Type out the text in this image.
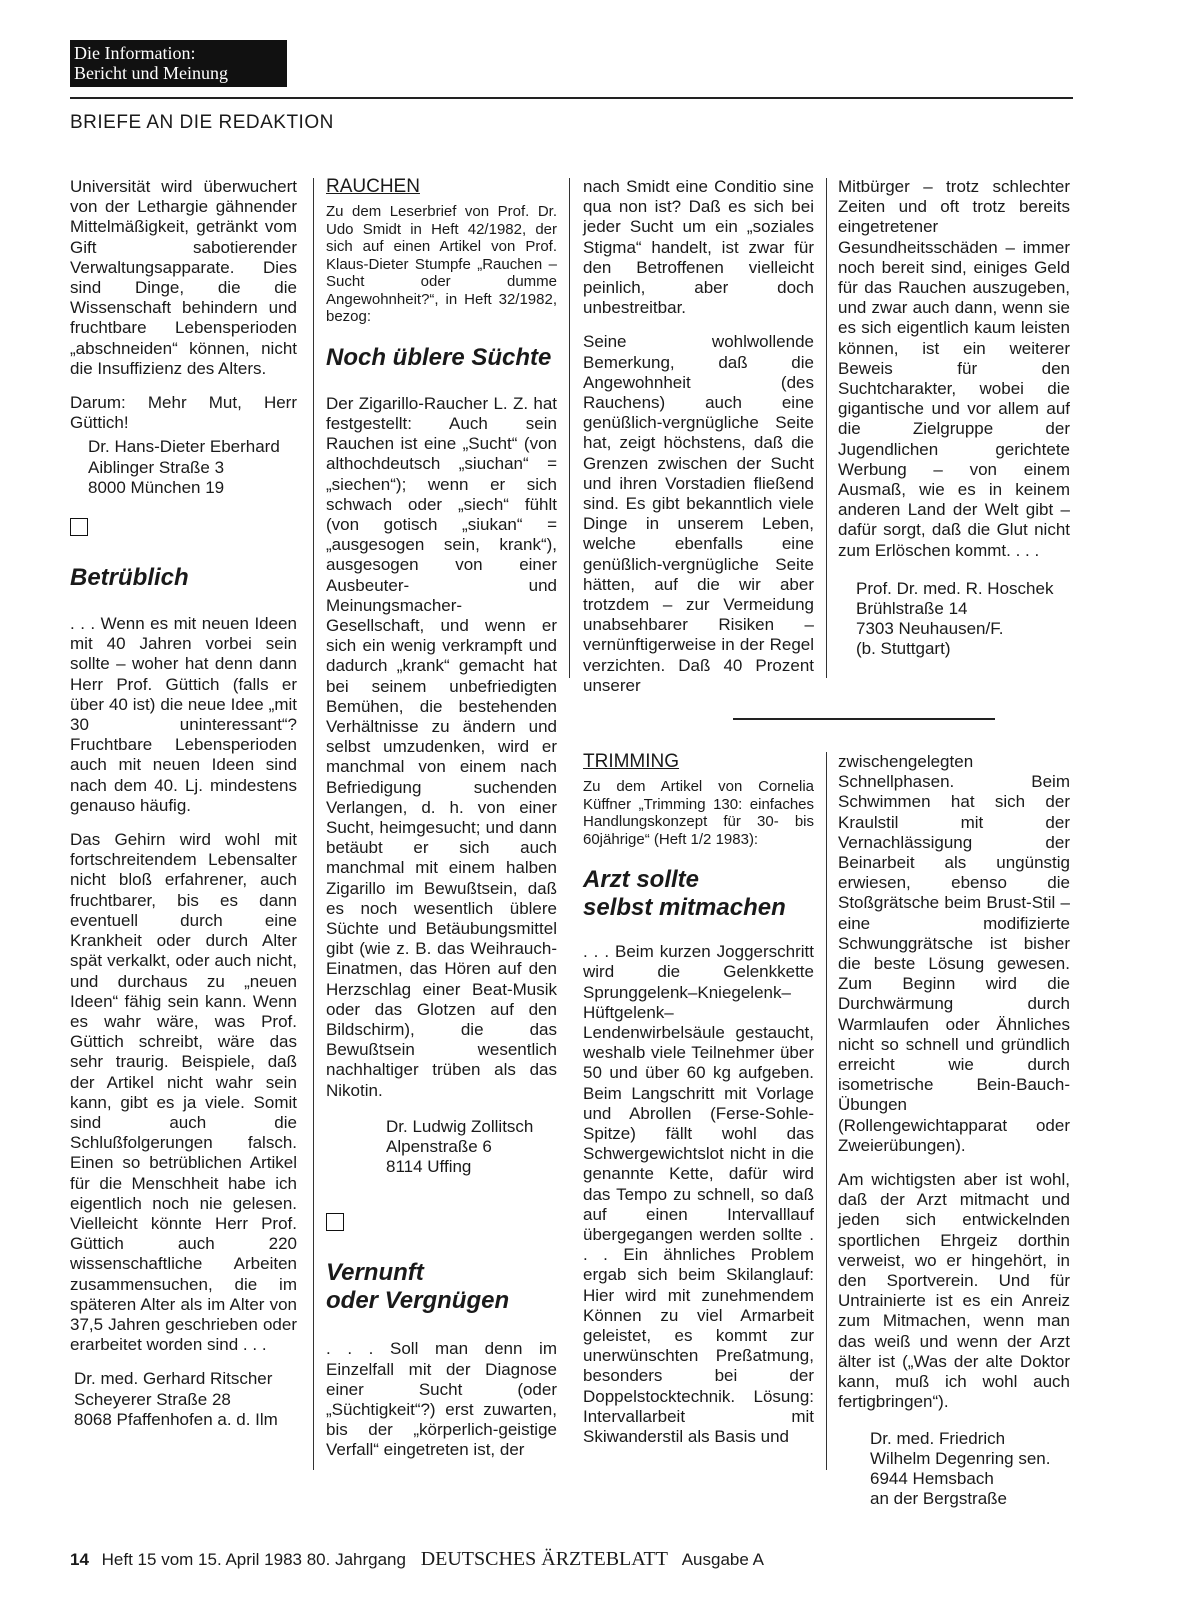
Die Information:
Bericht und Meinung
BRIEFE AN DIE REDAKTION

Universität wird überwuchert von der Lethargie gähnender Mittelmäßigkeit, getränkt vom Gift sabotierender Verwaltungsapparate. Dies sind Dinge, die die Wissenschaft behindern und fruchtbare Lebensperioden „abschneiden“ können, nicht die Insuffizienz des Alters.

Darum: Mehr Mut, Herr Güttich!

Dr. Hans-Dieter Eberhard
Aiblinger Straße 3
8000 München 19
Betrüblich

. . . Wenn es mit neuen Ideen mit 40 Jahren vorbei sein sollte – woher hat denn dann Herr Prof. Güttich (falls er über 40 ist) die neue Idee „mit 30 uninteressant“? Fruchtbare Lebensperioden auch mit neuen Ideen sind nach dem 40. Lj. mindestens genauso häufig.

Das Gehirn wird wohl mit fortschreitendem Lebensalter nicht bloß erfahrener, auch fruchtbarer, bis es dann eventuell durch eine Krankheit oder durch Alter spät verkalkt, oder auch nicht, und durchaus zu „neuen Ideen“ fähig sein kann. Wenn es wahr wäre, was Prof. Güttich schreibt, wäre das sehr traurig. Beispiele, daß der Artikel nicht wahr sein kann, gibt es ja viele. Somit sind auch die Schlußfolgerungen falsch. Einen so betrüblichen Artikel für die Menschheit habe ich eigentlich noch nie gelesen. Vielleicht könnte Herr Prof. Güttich auch 220 wissenschaftliche Arbeiten zusammensuchen, die im späteren Alter als im Alter von 37,5 Jahren geschrieben oder erarbeitet worden sind . . .

Dr. med. Gerhard Ritscher
Scheyerer Straße 28
8068 Pfaffenhofen a. d. Ilm
RAUCHEN
Zu dem Leserbrief von Prof. Dr. Udo Smidt in Heft 42/1982, der sich auf einen Artikel von Prof. Klaus-Dieter Stumpfe „Rauchen – Sucht oder dumme Angewohnheit?“, in Heft 32/1982, bezog:
Noch üblere Süchte

Der Zigarillo-Raucher L. Z. hat festgestellt: Auch sein Rauchen ist eine „Sucht“ (von althochdeutsch „siuchan“ = „siechen“); wenn er sich schwach oder „siech“ fühlt (von gotisch „siukan“ = „ausgesogen sein, krank“), ausgesogen von einer Ausbeuter- und Meinungsmacher-Gesellschaft, und wenn er sich ein wenig verkrampft und dadurch „krank“ gemacht hat bei seinem unbefriedigten Bemühen, die bestehenden Verhältnisse zu ändern und selbst umzudenken, wird er manchmal von einem nach Befriedigung suchenden Verlangen, d. h. von einer Sucht, heimgesucht; und dann betäubt er sich auch manchmal mit einem halben Zigarillo im Bewußtsein, daß es noch wesentlich üblere Süchte und Betäubungsmittel gibt (wie z. B. das Weihrauch-Einatmen, das Hören auf den Herzschlag einer Beat-Musik oder das Glotzen auf den Bildschirm), die das Bewußtsein wesentlich nachhaltiger trüben als das Nikotin.

Dr. Ludwig Zollitsch
Alpenstraße 6
8114 Uffing
Vernunft
oder Vergnügen

. . . Soll man denn im Einzelfall mit der Diagnose einer Sucht (oder „Süchtigkeit“?) erst zuwarten, bis der „körperlich-geistige Verfall“ eingetreten ist, der

nach Smidt eine Conditio sine qua non ist? Daß es sich bei jeder Sucht um ein „soziales Stigma“ handelt, ist zwar für den Betroffenen vielleicht peinlich, aber doch unbestreitbar.

Seine wohlwollende Bemerkung, daß die Angewohnheit (des Rauchens) auch eine genüßlich-vergnügliche Seite hat, zeigt höchstens, daß die Grenzen zwischen der Sucht und ihren Vorstadien fließend sind. Es gibt bekanntlich viele Dinge in unserem Leben, welche ebenfalls eine genüßlich-vergnügliche Seite hätten, auf die wir aber trotzdem – zur Vermeidung unabsehbarer Risiken – vernünftigerweise in der Regel verzichten. Daß 40 Prozent unserer

Mitbürger – trotz schlechter Zeiten und oft trotz bereits eingetretener Gesundheitsschäden – immer noch bereit sind, einiges Geld für das Rauchen auszugeben, und zwar auch dann, wenn sie es sich eigentlich kaum leisten können, ist ein weiterer Beweis für den Suchtcharakter, wobei die gigantische und vor allem auf die Zielgruppe der Jugendlichen gerichtete Werbung – von einem Ausmaß, wie es in keinem anderen Land der Welt gibt – dafür sorgt, daß die Glut nicht zum Erlöschen kommt. . . .

Prof. Dr. med. R. Hoschek
Brühlstraße 14
7303 Neuhausen/F.
(b. Stuttgart)
TRIMMING
Zu dem Artikel von Cornelia Küffner „Trimming 130: einfaches Handlungskonzept für 30- bis 60jährige“ (Heft 1/2 1983):
Arzt sollte
selbst mitmachen

. . . Beim kurzen Joggerschritt wird die Gelenkkette Sprunggelenk–Kniegelenk–Hüftgelenk–Lendenwirbelsäule gestaucht, weshalb viele Teilnehmer über 50 und über 60 kg aufgeben. Beim Langschritt mit Vorlage und Abrollen (Ferse-Sohle-Spitze) fällt wohl das Schwergewichtslot nicht in die genannte Kette, dafür wird das Tempo zu schnell, so daß auf einen Intervalllauf übergegangen werden sollte . . . Ein ähnliches Problem ergab sich beim Skilanglauf: Hier wird mit zunehmendem Können zu viel Armarbeit geleistet, es kommt zur unerwünschten Preßatmung, besonders bei der Doppelstocktechnik. Lösung: Intervallarbeit mit Skiwanderstil als Basis und

zwischengelegten Schnellphasen. Beim Schwimmen hat sich der Kraulstil mit der Vernachlässigung der Beinarbeit als ungünstig erwiesen, ebenso die Stoßgrätsche beim Brust-Stil – eine modifizierte Schwunggrätsche ist bisher die beste Lösung gewesen. Zum Beginn wird die Durchwärmung durch Warmlaufen oder Ähnliches nicht so schnell und gründlich erreicht wie durch isometrische Bein-Bauch-Übungen (Rollengewichtapparat oder Zweierübungen).

Am wichtigsten aber ist wohl, daß der Arzt mitmacht und jeden sich entwickelnden sportlichen Ehrgeiz dorthin verweist, wo er hingehört, in den Sportverein. Und für Untrainierte ist es ein Anreiz zum Mitmachen, wenn man das weiß und wenn der Arzt älter ist („Was der alte Doktor kann, muß ich wohl auch fertigbringen“).

Dr. med. Friedrich
Wilhelm Degenring sen.
6944 Hemsbach
an der Bergstraße
14 Heft 15 vom 15. April 1983 80. Jahrgang DEUTSCHES ÄRZTEBLATT Ausgabe A
